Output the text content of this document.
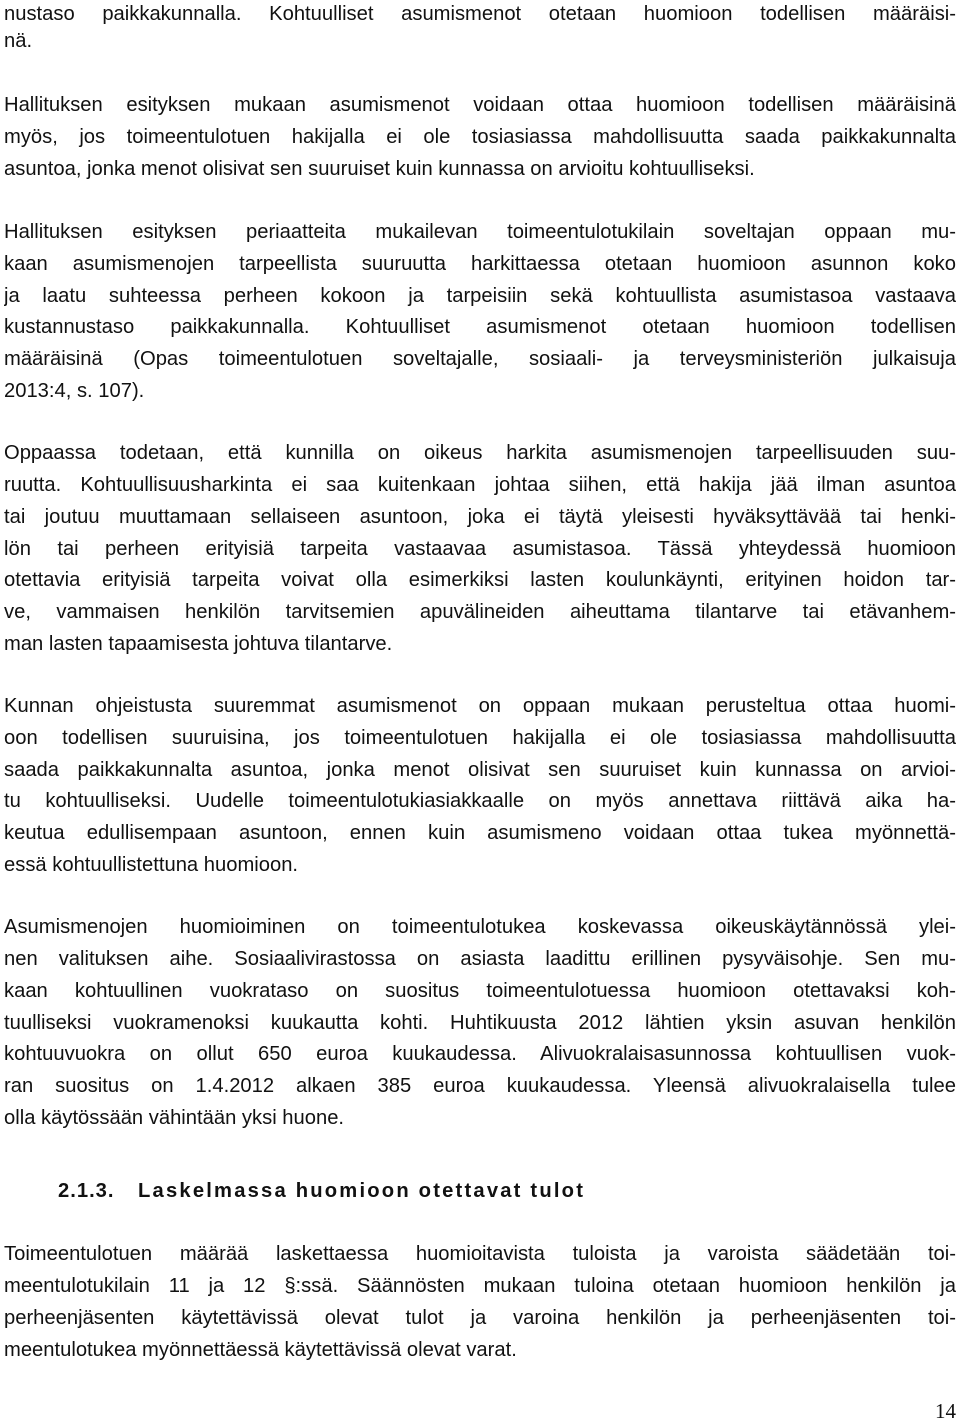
2.1.3. Laskelmassa huomioon otettavat tulot
14
nustaso paikkakunnalla. Kohtuulliset asumismenot otetaan huomioon todellisen määräisi-
nä.
Hallituksen esityksen mukaan asumismenot voidaan ottaa huomioon todellisen määräisinä
myös, jos toimeentulotuen hakijalla ei ole tosiasiassa mahdollisuutta saada paikkakunnalta
asuntoa, jonka menot olisivat sen suuruiset kuin kunnassa on arvioitu kohtuulliseksi.
Hallituksen esityksen periaatteita mukailevan toimeentulotukilain soveltajan oppaan mu-
kaan asumismenojen tarpeellista suuruutta harkittaessa otetaan huomioon asunnon koko
ja laatu suhteessa perheen kokoon ja tarpeisiin sekä kohtuullista asumistasoa vastaava
kustannustaso paikkakunnalla. Kohtuulliset asumismenot otetaan huomioon todellisen
määräisinä (Opas toimeentulotuen soveltajalle, sosiaali- ja terveysministeriön julkaisuja
2013:4, s. 107).
Oppaassa todetaan, että kunnilla on oikeus harkita asumismenojen tarpeellisuuden suu-
ruutta. Kohtuullisuusharkinta ei saa kuitenkaan johtaa siihen, että hakija jää ilman asuntoa
tai joutuu muuttamaan sellaiseen asuntoon, joka ei täytä yleisesti hyväksyttävää tai henki-
lön tai perheen erityisiä tarpeita vastaavaa asumistasoa. Tässä yhteydessä huomioon
otettavia erityisiä tarpeita voivat olla esimerkiksi lasten koulunkäynti, erityinen hoidon tar-
ve, vammaisen henkilön tarvitsemien apuvälineiden aiheuttama tilantarve tai etävanhem-
man lasten tapaamisesta johtuva tilantarve.
Kunnan ohjeistusta suuremmat asumismenot on oppaan mukaan perusteltua ottaa huomi-
oon todellisen suuruisina, jos toimeentulotuen hakijalla ei ole tosiasiassa mahdollisuutta
saada paikkakunnalta asuntoa, jonka menot olisivat sen suuruiset kuin kunnassa on arvioi-
tu kohtuulliseksi. Uudelle toimeentulotukiasiakkaalle on myös annettava riittävä aika ha-
keutua edullisempaan asuntoon, ennen kuin asumismeno voidaan ottaa tukea myönnettä-
essä kohtuullistettuna huomioon.
Asumismenojen huomioiminen on toimeentulotukea koskevassa oikeuskäytännössä ylei-
nen valituksen aihe. Sosiaalivirastossa on asiasta laadittu erillinen pysyväisohje. Sen mu-
kaan kohtuullinen vuokrataso on suositus toimeentulotuessa huomioon otettavaksi koh-
tuulliseksi vuokramenoksi kuukautta kohti. Huhtikuusta 2012 lähtien yksin asuvan henkilön
kohtuuvuokra on ollut 650 euroa kuukaudessa. Alivuokralaisasunnossa kohtuullisen vuok-
ran suositus on 1.4.2012 alkaen 385 euroa kuukaudessa. Yleensä alivuokralaisella tulee
olla käytössään vähintään yksi huone.
Toimeentulotuen määrää laskettaessa huomioitavista tuloista ja varoista säädetään toi-
meentulotukilain 11 ja 12 §:ssä. Säännösten mukaan tuloina otetaan huomioon henkilön ja
perheenjäsenten käytettävissä olevat tulot ja varoina henkilön ja perheenjäsenten toi-
meentulotukea myönnettäessä käytettävissä olevat varat.
